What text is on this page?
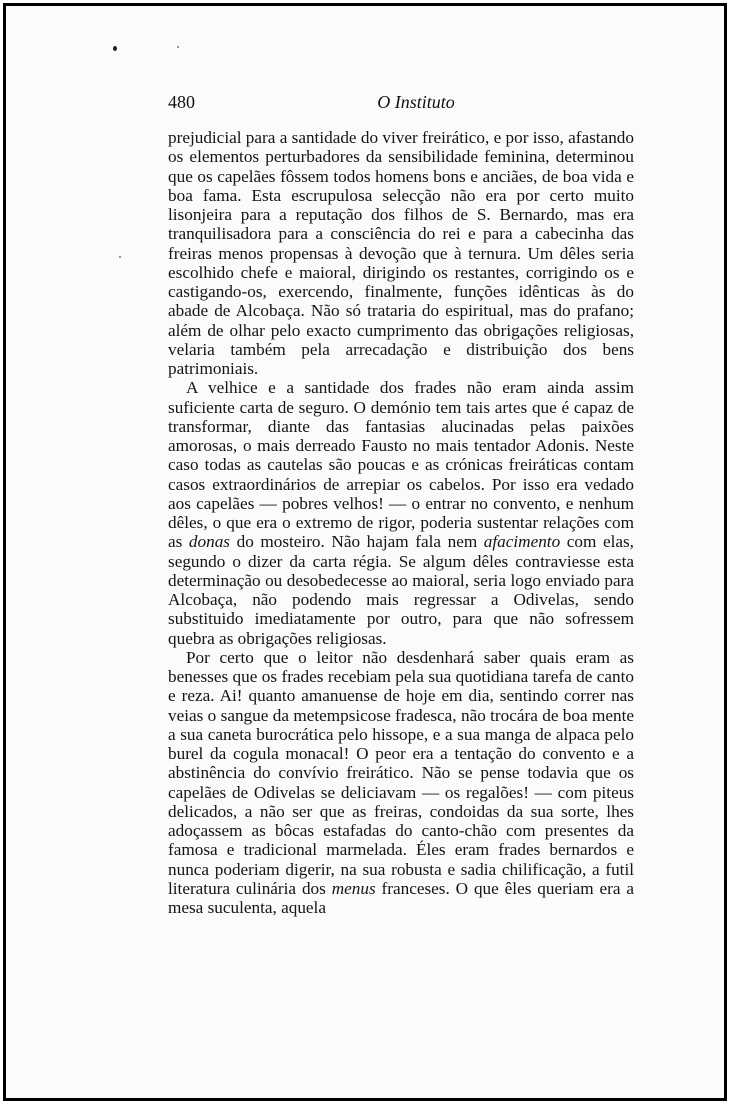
480	O Instituto

prejudicial para a santidade do viver freirático, e por isso, afastando os elementos perturbadores da sensibilidade feminina, determinou que os capelães fôssem todos homens bons e anciães, de boa vida e boa fama. Esta escrupulosa selecção não era por certo muito lisonjeira para a reputação dos filhos de S. Bernardo, mas era tranquilisadora para a consciência do rei e para a cabecinha das freiras menos propensas à devoção que à ternura. Um dêles seria escolhido chefe e maioral, dirigindo os restantes, corrigindo os e castigando-os, exercendo, finalmente, funções idênticas às do abade de Alcobaça. Não só trataria do espiritual, mas do prafano; além de olhar pelo exacto cumprimento das obrigações religiosas, velaria também pela arrecadação e distribuição dos bens patrimoniais.

A velhice e a santidade dos frades não eram ainda assim suficiente carta de seguro. O demónio tem tais artes que é capaz de transformar, diante das fantasias alucinadas pelas paixões amorosas, o mais derreado Fausto no mais tentador Adonis. Neste caso todas as cautelas são poucas e as crónicas freiráticas contam casos extraordinários de arrepiar os cabelos. Por isso era vedado aos capelães — pobres velhos! — o entrar no convento, e nenhum dêles, o que era o extremo de rigor, poderia sustentar relações com as donas do mosteiro. Não hajam fala nem afacimento com elas, segundo o dizer da carta régia. Se algum dêles contraviesse esta determinação ou desobedecesse ao maioral, seria logo enviado para Alcobaça, não podendo mais regressar a Odivelas, sendo substituido imediatamente por outro, para que não sofressem quebra as obrigações religiosas.

Por certo que o leitor não desdenhará saber quais eram as benesses que os frades recebiam pela sua quotidiana tarefa de canto e reza. Ai! quanto amanuense de hoje em dia, sentindo correr nas veias o sangue da metempsicose fradesca, não trocára de boa mente a sua caneta burocrática pelo hissope, e a sua manga de alpaca pelo burel da cogula monacal! O peor era a tentação do convento e a abstinência do convívio freirático. Não se pense todavia que os capelães de Odivelas se deliciavam — os regalões! — com piteus delicados, a não ser que as freiras, condoidas da sua sorte, lhes adoçassem as bôcas estafadas do canto-chão com presentes da famosa e tradicional marmelada. Éles eram frades bernardos e nunca poderiam digerir, na sua robusta e sadia chilificação, a futil literatura culinária dos menus franceses. O que êles queriam era a mesa suculenta, aquela
